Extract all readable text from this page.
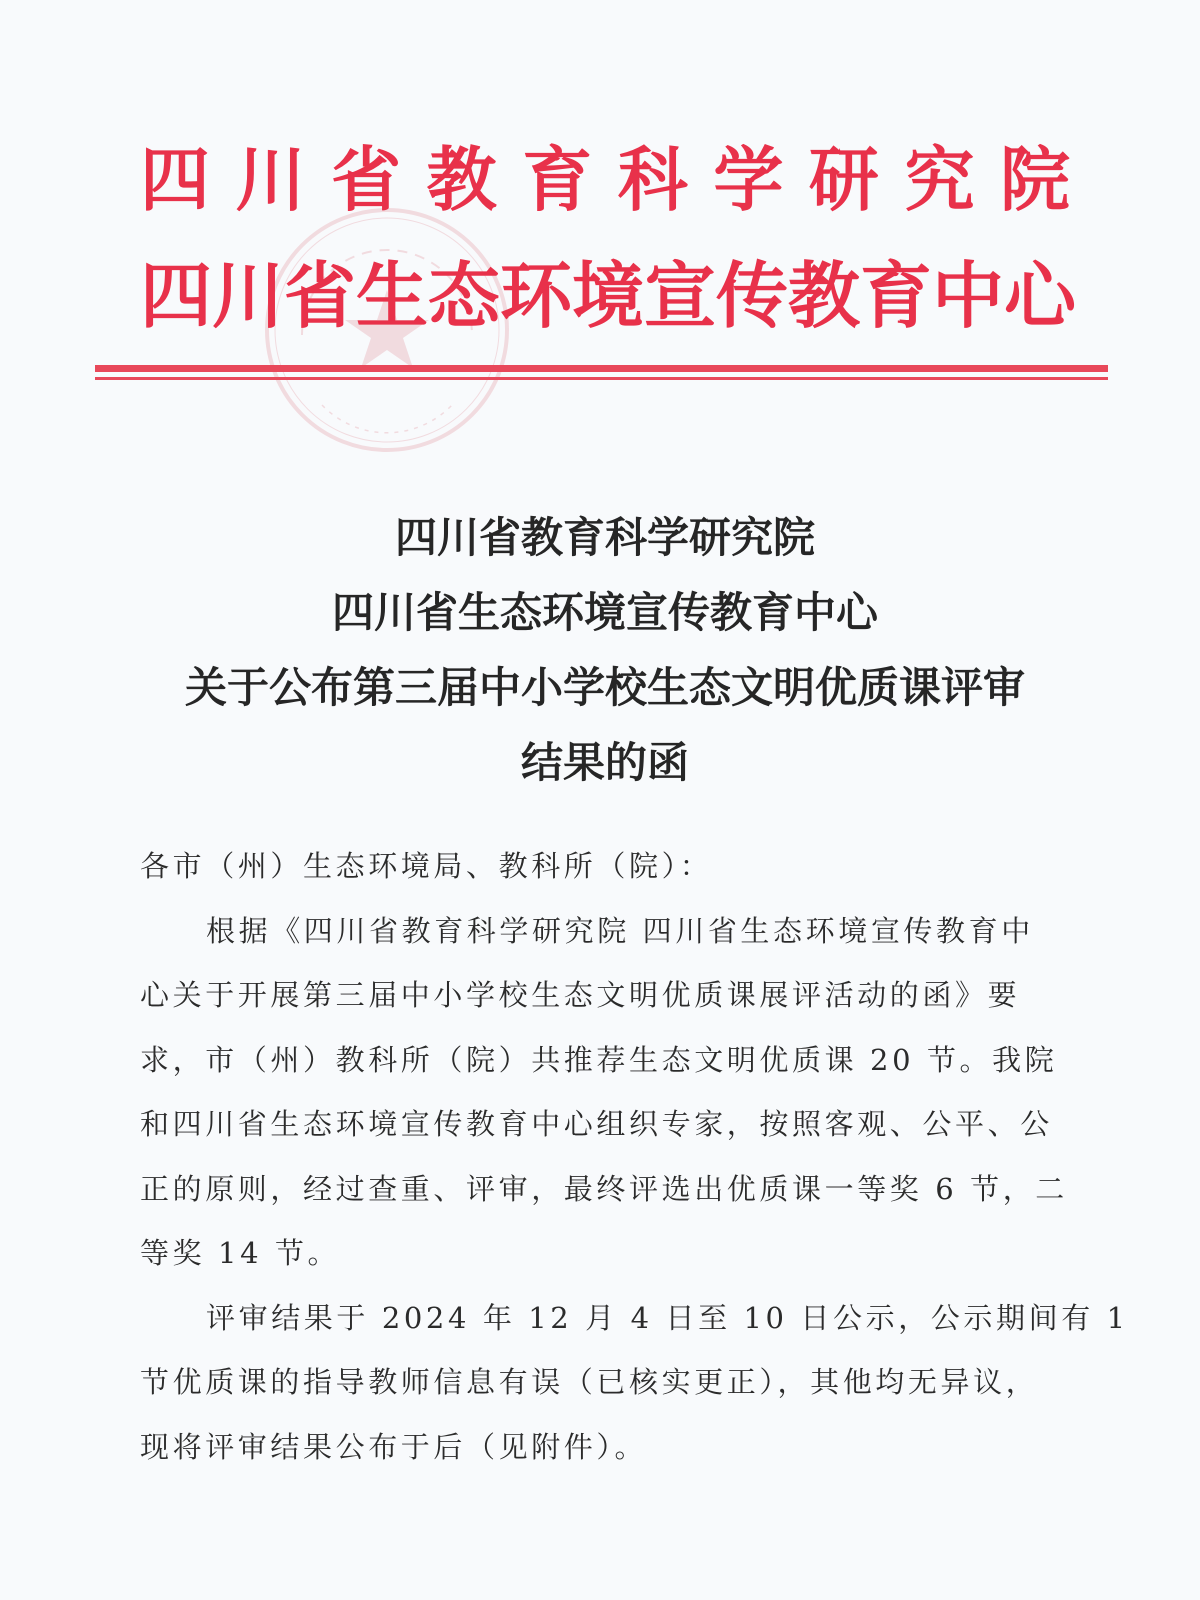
四川省教育科学研究院
四川省生态环境宣传教育中心
四川省教育科学研究院
四川省生态环境宣传教育中心
关于公布第三届中小学校生态文明优质课评审
结果的函
各市（州）生态环境局、教科所（院）：

根据《四川省教育科学研究院 四川省生态环境宣传教育中
心关于开展第三届中小学校生态文明优质课展评活动的函》要
求，市（州）教科所（院）共推荐生态文明优质课 20 节。我院
和四川省生态环境宣传教育中心组织专家，按照客观、公平、公
正的原则，经过查重、评审，最终评选出优质课一等奖 6 节，二
等奖 14 节。

评审结果于 2024 年 12 月 4 日至 10 日公示，公示期间有 1
节优质课的指导教师信息有误（已核实更正），其他均无异议，
现将评审结果公布于后（见附件）。
